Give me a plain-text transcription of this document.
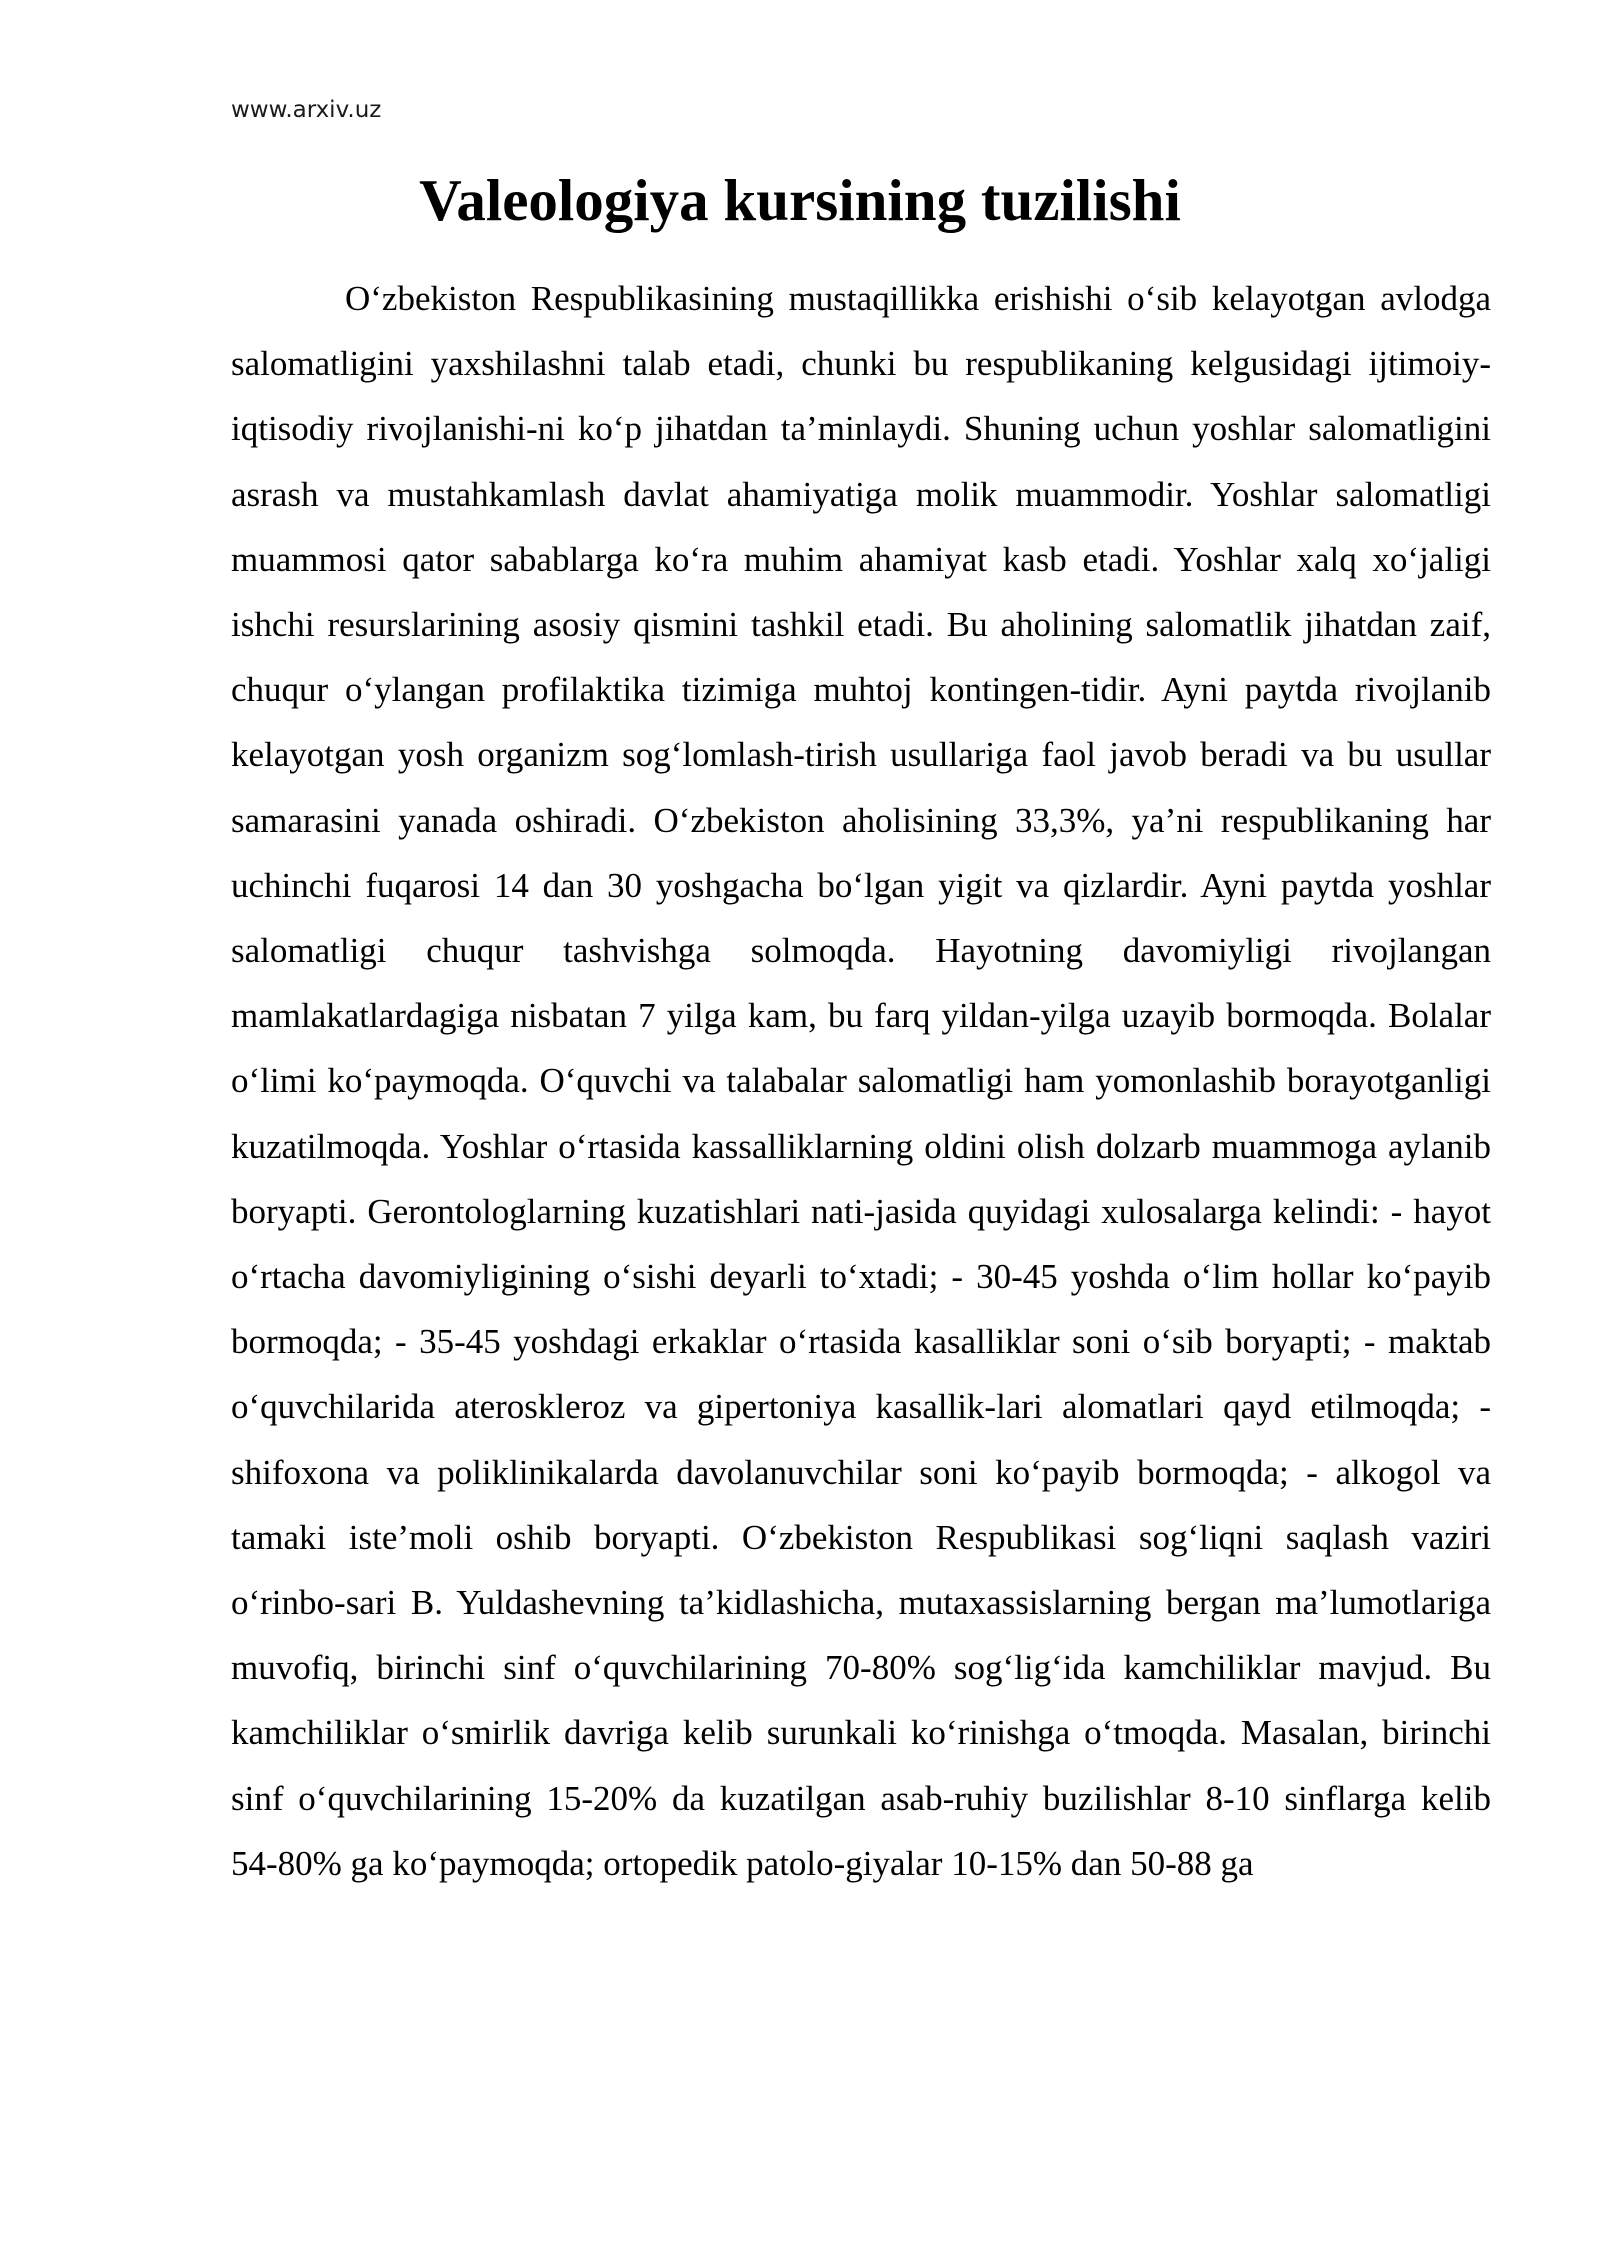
www.arxiv.uz
Valeologiya kursining tuzilishi

O‘zbekiston Respublikasining mustaqillikka erishishi o‘sib kelayotgan avlodga salomatligini yaxshilashni talab etadi, chunki bu respublikaning kelgusidagi ijtimoiy-iqtisodiy rivojlanishi-ni ko‘p jihatdan ta’minlaydi. Shuning uchun yoshlar salomatligini asrash va mustahkamlash davlat ahamiyatiga molik muammodir. Yoshlar salomatligi muammosi qator sabablarga ko‘ra muhim ahamiyat kasb etadi. Yoshlar xalq xo‘jaligi ishchi resurslarining asosiy qismini tashkil etadi. Bu aholining salomatlik jihatdan zaif, chuqur o‘ylangan profilaktika tizimiga muhtoj kontingen-tidir. Ayni paytda rivojlanib kelayotgan yosh organizm sog‘lomlash-tirish usullariga faol javob beradi va bu usullar samarasini yanada oshiradi. O‘zbekiston aholisining 33,3%, ya’ni respublikaning har uchinchi fuqarosi 14 dan 30 yoshgacha bo‘lgan yigit va qizlardir. Ayni paytda yoshlar salomatligi chuqur tashvishga solmoqda. Hayotning davomiyligi rivojlangan mamlakatlardagiga nisbatan 7 yilga kam, bu farq yildan-yilga uzayib bormoqda. Bolalar o‘limi ko‘paymoqda. O‘quvchi va talabalar salomatligi ham yomonlashib borayotganligi kuzatilmoqda. Yoshlar o‘rtasida kassalliklarning oldini olish dolzarb muammoga aylanib boryapti. Gerontologlarning kuzatishlari nati-jasida quyidagi xulosalarga kelindi: - hayot o‘rtacha davomiyligining o‘sishi deyarli to‘xtadi; - 30-45 yoshda o‘lim hollar ko‘payib bormoqda; - 35-45 yoshdagi erkaklar o‘rtasida kasalliklar soni o‘sib boryapti; - maktab o‘quvchilarida ateroskleroz va gipertoniya kasallik-lari alomatlari qayd etilmoqda; - shifoxona va poliklinikalarda davolanuvchilar soni ko‘payib bormoqda; - alkogol va tamaki iste’moli oshib boryapti. O‘zbekiston Respublikasi sog‘liqni saqlash vaziri o‘rinbo-sari B. Yuldashevning ta’kidlashicha, mutaxassislarning bergan ma’lumotlariga muvofiq, birinchi sinf o‘quvchilarining 70-80% sog‘lig‘ida kamchiliklar mavjud. Bu kamchiliklar o‘smirlik davriga kelib surunkali ko‘rinishga o‘tmoqda. Masalan, birinchi sinf o‘quvchilarining 15-20% da kuzatilgan asab-ruhiy buzilishlar 8-10 sinflarga kelib 54-80% ga ko‘paymoqda; ortopedik patolo-giyalar 10-15% dan 50-88 ga
